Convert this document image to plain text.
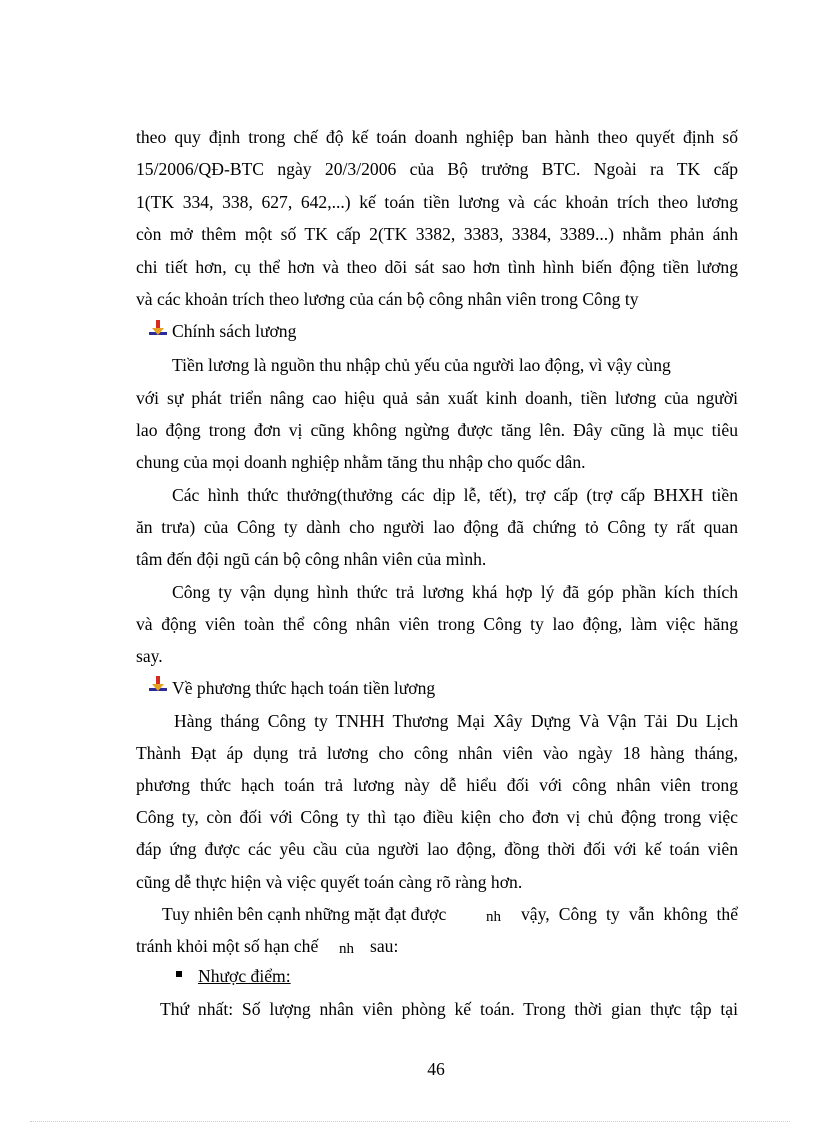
theo quy định trong chế độ kế toán doanh nghiệp ban hành theo quyết định số
15/2006/QĐ-BTC ngày 20/3/2006 của Bộ trưởng BTC. Ngoài ra TK cấp
1(TK 334, 338, 627, 642,...) kế toán tiền lương và các khoản trích theo lương
còn mở thêm một số TK cấp 2(TK 3382, 3383, 3384, 3389...) nhằm phản ánh
chi tiết hơn, cụ thể hơn và theo dõi sát sao hơn tình hình biến động tiền lương
và các khoản trích theo lương của cán bộ công nhân viên trong Công ty
Chính sách lương
Tiền lương là nguồn thu nhập chủ yếu của người lao động, vì vậy cùng
với sự phát triển nâng cao hiệu quả sản xuất kinh doanh, tiền lương của người
lao động trong đơn vị cũng không ngừng được tăng lên. Đây cũng là mục tiêu
chung của mọi doanh nghiệp nhằm tăng thu nhập cho quốc dân.
Các hình thức thưởng(thưởng các dịp lễ, tết), trợ cấp (trợ cấp BHXH tiền
ăn trưa) của Công ty dành cho người lao động đã chứng tỏ Công ty rất quan
tâm đến đội ngũ cán bộ công nhân viên của mình.
Công ty vận dụng hình thức trả lương khá hợp lý đã góp phần kích thích
và động viên toàn thể công nhân viên trong Công ty lao động, làm việc hăng
say.
Về phương thức hạch toán tiền lương
Hàng tháng Công ty TNHH Thương Mại Xây Dựng Và Vận Tải Du Lịch
Thành Đạt áp dụng trả lương cho công nhân viên vào ngày 18 hàng tháng,
phương thức hạch toán trả lương này dễ hiểu đối với công nhân viên trong
Công ty, còn đối với Công ty thì tạo điều kiện cho đơn vị chủ động trong việc
đáp ứng được các yêu cầu của người lao động, đồng thời đối với kế toán viên
cũng dễ thực hiện và việc quyết toán càng rõ ràng hơn.
Tuy nhiên bên cạnh những mặt đạt được	nh vậy, Công ty vẫn không thể
tránh khỏi một số hạn chế	nh sau:
Nhược điểm:
Thứ nhất: Số lượng nhân viên phòng kế toán. Trong thời gian thực tập tại
46
